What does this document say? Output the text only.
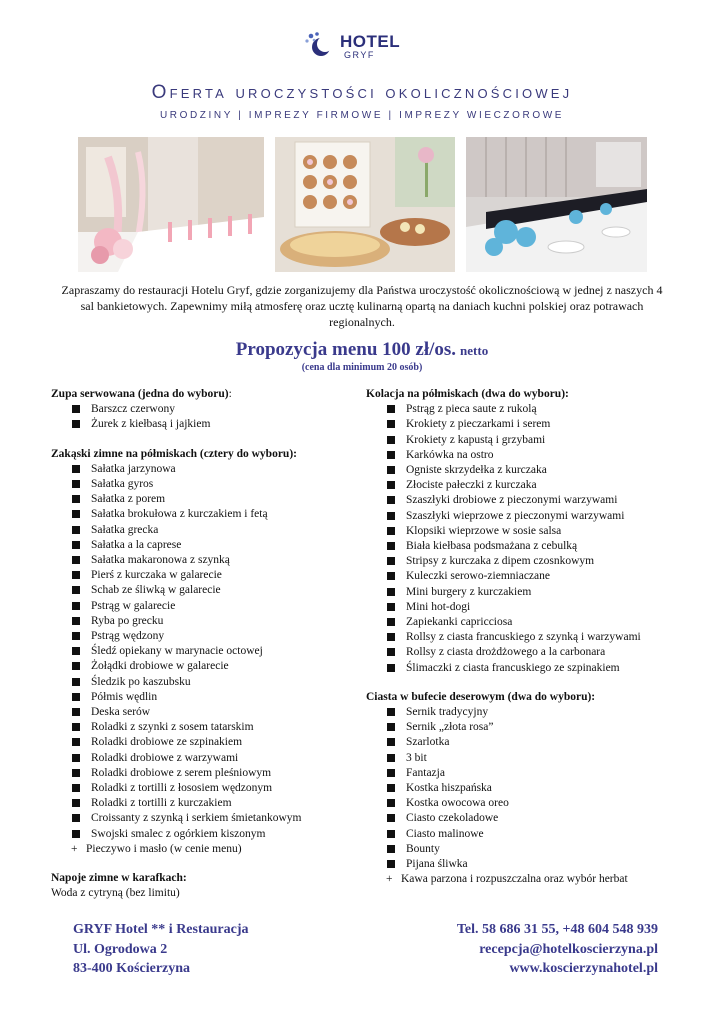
HOTEL
GRYF
Oferta uroczystości okolicznościowej
URODZINY | IMPREZY FIRMOWE | IMPREZY WIECZOROWE
Zapraszamy do restauracji Hotelu Gryf, gdzie zorganizujemy dla Państwa uroczystość okolicznościową w jednej z naszych 4 sal bankietowych. Zapewnimy miłą atmosferę oraz ucztę kulinarną opartą na daniach kuchni polskiej oraz potrawach regionalnych.
Propozycja menu 100 zł/os. netto
(cena dla minimum 20 osób)
Zupa serwowana (jedna do wyboru):
Barszcz czerwony
Żurek z kiełbasą i jajkiem
Zakąski zimne na półmiskach (cztery do wyboru):
Sałatka jarzynowa
Sałatka gyros
Sałatka z porem
Sałatka brokułowa z kurczakiem i fetą
Sałatka grecka
Sałatka a la caprese
Sałatka makaronowa z szynką
Pierś z kurczaka w galarecie
Schab ze śliwką w galarecie
Pstrąg w galarecie
Ryba po grecku
Pstrąg wędzony
Śledź opiekany w marynacie octowej
Żołądki drobiowe w galarecie
Śledzik po kaszubsku
Półmis wędlin
Deska serów
Roladki z szynki z sosem tatarskim
Roladki drobiowe ze szpinakiem
Roladki drobiowe z warzywami
Roladki drobiowe z serem pleśniowym
Roladki z tortilli z łososiem wędzonym
Roladki z tortilli z kurczakiem
Croissanty z szynką i serkiem śmietankowym
Swojski smalec z ogórkiem kiszonym
+ Pieczywo i masło (w cenie menu)
Napoje zimne w karafkach:
Woda z cytryną (bez limitu)
Kolacja na półmiskach (dwa do wyboru):
Pstrąg z pieca saute z rukolą
Krokiety z pieczarkami i serem
Krokiety z kapustą i grzybami
Karkówka na ostro
Ogniste skrzydełka z kurczaka
Złociste pałeczki z kurczaka
Szaszłyki drobiowe z pieczonymi warzywami
Szaszłyki wieprzowe z pieczonymi warzywami
Klopsiki wieprzowe w sosie salsa
Biała kiełbasa podsmażana z cebulką
Stripsy z kurczaka z dipem czosnkowym
Kuleczki serowo-ziemniaczane
Mini burgery z kurczakiem
Mini hot-dogi
Zapiekanki capricciosa
Rollsy z ciasta francuskiego z szynką i warzywami
Rollsy z ciasta drożdżowego a la carbonara
Ślimaczki z ciasta francuskiego ze szpinakiem
Ciasta w bufecie deserowym (dwa do wyboru):
Sernik tradycyjny
Sernik „złota rosa”
Szarlotka
3 bit
Fantazja
Kostka hiszpańska
Kostka owocowa oreo
Ciasto czekoladowe
Ciasto malinowe
Bounty
Pijana śliwka
+ Kawa parzona i rozpuszczalna oraz wybór herbat
GRYF Hotel ** i Restauracja
Ul. Ogrodowa 2
83-400 Kościerzyna
Tel. 58 686 31 55, +48 604 548 939
recepcja@hotelkoscierzyna.pl
www.koscierzynahotel.pl
